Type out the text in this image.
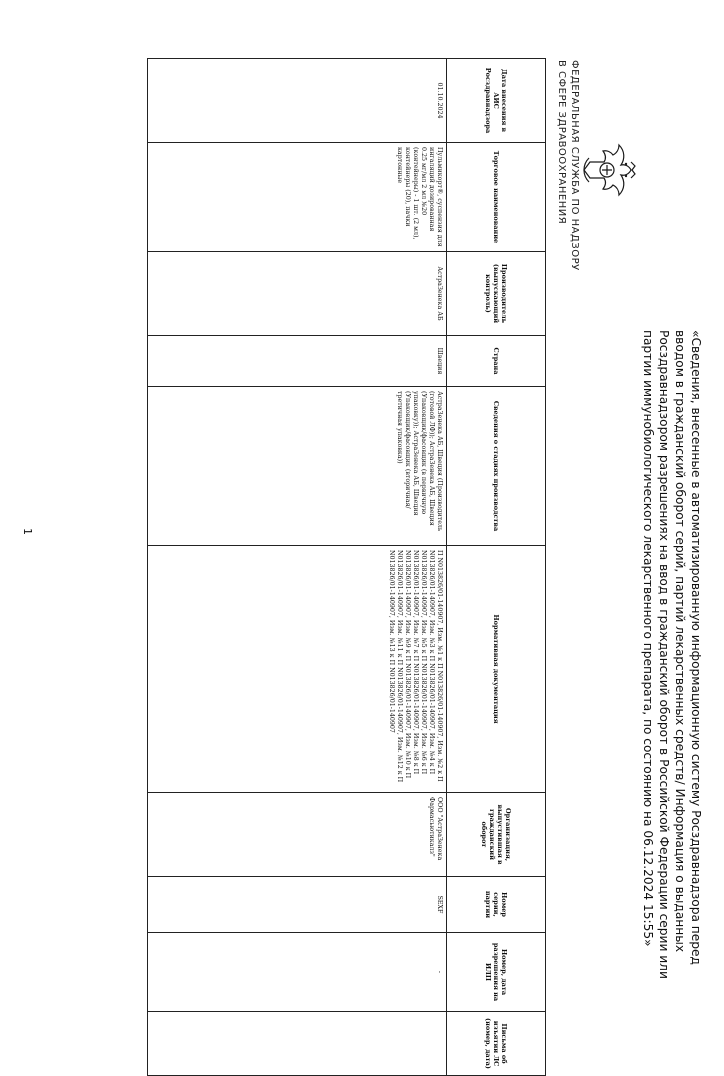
ФЕДЕРАЛЬНАЯ СЛУЖБА ПО НАДЗОРУ
В СФЕРЕ ЗДРАВООХРАНЕНИЯ
«Сведения, внесенные в автоматизированную информационную систему Росздравнадзора перед вводом в гражданский оборот серий, партий лекарственных средств/ Информация о выданных Росздравнадзором разрешениях на ввод в гражданский оборот в Российской Федерации серии или партии иммунобиологического лекарственного препарата, по состоянию на 06.12.2024 15:55»
Дата внесения в АИС Росздравнадзора	Торговое наименование	Производитель (выпускающий контроль)	Страна	Сведения о стадиях производства	Нормативная документация	Организация, выпустившая в гражданский оборот	Номер серии, партии	Номер, дата разрешения на ИЛП	Письма об изъятии ЛС (номер, дата)
01.10.2024	Пульмикорт®, суспензия для ингаляций дозированная 0.25 мг/мл 2 мл №20 (контейнеры) - 1 шт. (2 мл), контейнеры (20), пачки картонные	АстраЗенека АБ	Швеция	АстраЗенека АБ, Швеция (Производитель (готовой ЛФ)); АстраЗенека АБ, Швеция (Упаковщик/фасовщик (в первичную упаковку)); АстраЗенека АБ, Швеция (Упаковщик/фасовщик (вторичная/третичная упаковка))	П N013826/01-140907, Изм. №1 к П N013826/01-140907, Изм. №2 к П N013826/01-140907, Изм. №3 к П N013826/01-140907, Изм. №4 к П N013826/01-140907, Изм. №5 к П N013826/01-140907, Изм. №6 к П N013826/01-140907, Изм. №7 к П N013826/01-140907, Изм. №8 к П N013826/01-140907, Изм. №9 к П N013826/01-140907, Изм. №10 к П N013826/01-140907, Изм. №11 к П N013826/01-140907, Изм. №12 к П N013826/01-140907, Изм. №13 к П N013826/01-140907	ООО "АстраЗенека Фармасьютикалз"	SEXF	-	
1
